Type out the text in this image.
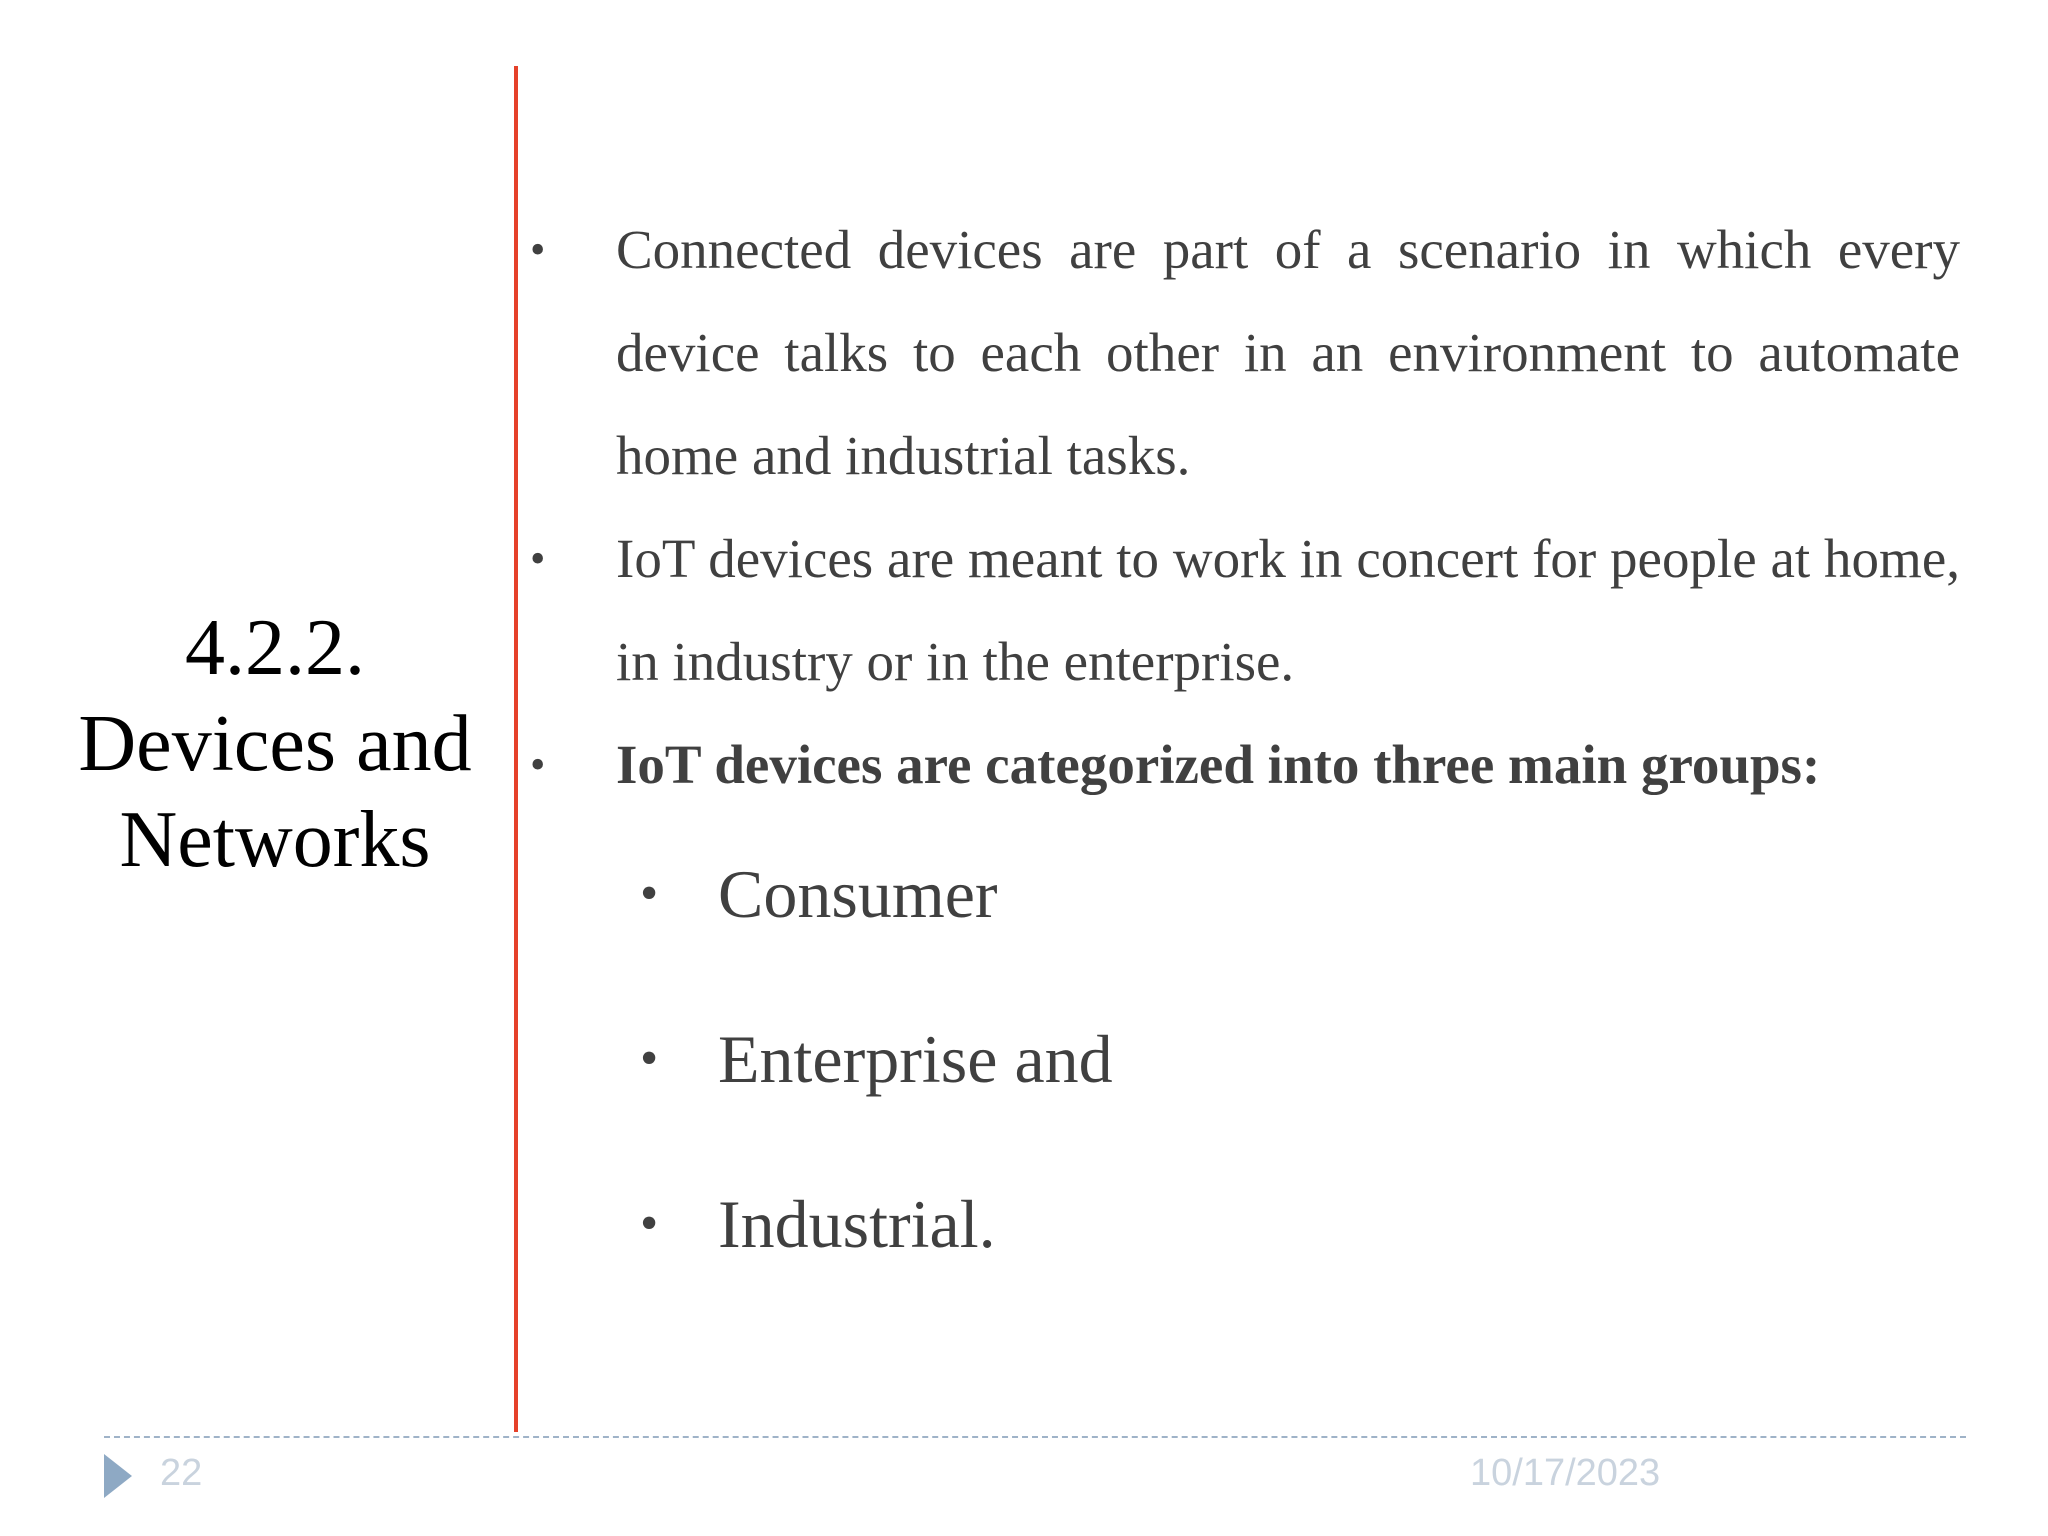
4.2.2.
Devices and
Networks
•	Connected devices are part of a scenario in which every device talks to each other in an environment to automate home and industrial tasks.
•	IoT devices are meant to work in concert for people at home, in industry or in the enterprise.
•	IoT devices are categorized into three main groups:
• Consumer
• Enterprise and
• Industrial.
22	10/17/2023
